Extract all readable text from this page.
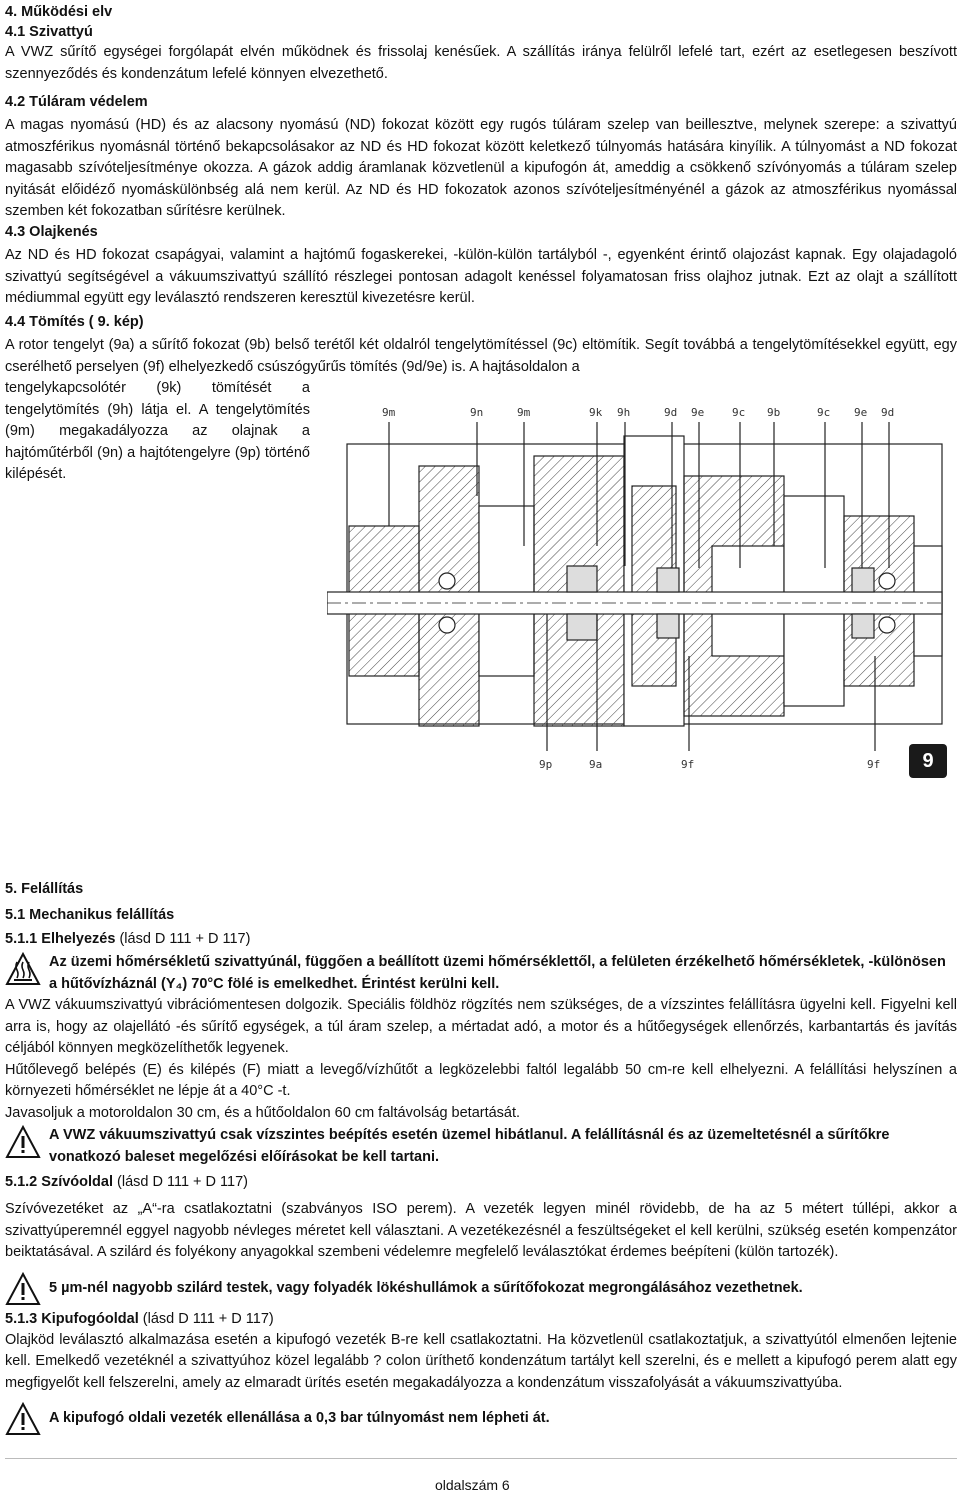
4. Működési elv

4.1 Szivattyú

A VWZ sűrítő egységei forgólapát elvén működnek és frissolaj kenésűek. A szállítás iránya felülről lefelé tart, ezért az esetlegesen beszívott szennyeződés és kondenzátum lefelé könnyen elvezethető.

4.2 Túláram védelem

A magas nyomású (HD) és az alacsony nyomású (ND) fokozat között egy rugós túláram szelep van beillesztve, melynek szerepe: a szivattyú atmoszférikus nyomásnál történő bekapcsolásakor az ND és HD fokozat között keletkező túlnyomás hatására kinyílik. A túlnyomást a ND fokozat magasabb szívóteljesítménye okozza. A gázok addig áramlanak közvetlenül a kipufogón át, ameddig a csökkenő szívónyomás a túláram szelep nyitását előidéző nyomáskülönbség alá nem kerül. Az ND és HD fokozatok azonos szívóteljesítményénél a gázok az atmoszférikus nyomással szemben két fokozatban sűrítésre kerülnek.

4.3 Olajkenés

Az ND és HD fokozat csapágyai, valamint a hajtómű fogaskerekei, -külön-külön tartályból -, egyenként érintő olajozást kapnak. Egy olajadagoló szivattyú segítségével a vákuumszivattyú szállító részlegei pontosan adagolt kenéssel folyamatosan friss olajhoz jutnak. Ezt az olajt a szállított médiummal együtt egy leválasztó rendszeren keresztül kivezetésre kerül.

4.4 Tömítés ( 9. kép)

A rotor tengelyt (9a) a sűrítő fokozat (9b) belső terétől két oldalról tengelytömítéssel (9c) eltömítik. Segít továbbá a tengelytömítésekkel együtt, egy cserélhető perselyen (9f) elhelyezkedő csúszógyűrűs tömítés (9d/9e) is. A hajtásoldalon a

tengelykapcsolótér (9k) tömítését a tengelytömítés (9h) látja el. A tengelytömítés (9m) megakadályozza az olajnak a hajtóműtérből (9n) a hajtótengelyre (9p) történő kilépését.

9m	9n	9m	9k 9h	9d 9e	9c 9b	9c 9e 9d
9p	9a	9f	9f	9

5. Felállítás

5.1 Mechanikus felállítás

5.1.1 Elhelyezés (lásd D 111 + D 117)

Az üzemi hőmérsékletű szivattyúnál, függően a beállított üzemi hőmérséklettől, a felületen érzékelhető hőmérsékletek, -különösen a hűtővízháznál (Y₄) 70°C fölé is emelkedhet. Érintést kerülni kell.

A VWZ vákuumszivattyú vibrációmentesen dolgozik. Speciális földhöz rögzítés nem szükséges, de a vízszintes felállításra ügyelni kell. Figyelni kell arra is, hogy az olajellátó -és sűrítő egységek, a túl áram szelep, a mértadat adó, a motor és a hűtőegységek ellenőrzés, karbantartás és javítás céljából könnyen megközelíthetők legyenek.

Hűtőlevegő belépés (E) és kilépés (F) miatt a levegő/vízhűtőt a legközelebbi faltól legalább 50 cm-re kell elhelyezni. A felállítási helyszínen a környezeti hőmérséklet ne lépje át a 40°C -t.

Javasoljuk a motoroldalon 30 cm, és a hűtőoldalon 60 cm faltávolság betartását.

A VWZ vákuumszivattyú csak vízszintes beépítés esetén üzemel hibátlanul. A felállításnál és az üzemeltetésnél a sűrítőkre vonatkozó baleset megelőzési előírásokat be kell tartani.

5.1.2 Szívóoldal (lásd D 111 + D 117)

Szívóvezetéket az „A“-ra csatlakoztatni (szabványos ISO perem). A vezeték legyen minél rövidebb, de ha az 5 métert túllépi, akkor a szivattyúperemnél eggyel nagyobb névleges méretet kell választani. A vezetékezésnél a feszültségeket el kell kerülni, szükség esetén kompenzátor beiktatásával. A szilárd és folyékony anyagokkal szembeni védelemre megfelelő leválasztókat érdemes beépíteni (külön tartozék).

5 µm-nél nagyobb szilárd testek, vagy folyadék lökéshullámok a sűrítőfokozat megrongálásához vezethetnek.

5.1.3 Kipufogóoldal (lásd D 111 + D 117)

Olajköd leválasztó alkalmazása esetén a kipufogó vezeték B-re kell csatlakoztatni. Ha közvetlenül csatlakoztatjuk, a szivattyútól elmenően lejtenie kell. Emelkedő vezetéknél a szivattyúhoz közel legalább ? colon üríthető kondenzátum tartályt kell szerelni, és e mellett a kipufogó perem alatt egy megfigyelőt kell felszerelni, amely az elmaradt ürítés esetén megakadályozza a kondenzátum visszafolyását a vákuumszivattyúba.

A kipufogó oldali vezeték ellenállása a 0,3 bar túlnyomást nem lépheti át.
oldalszám 6
